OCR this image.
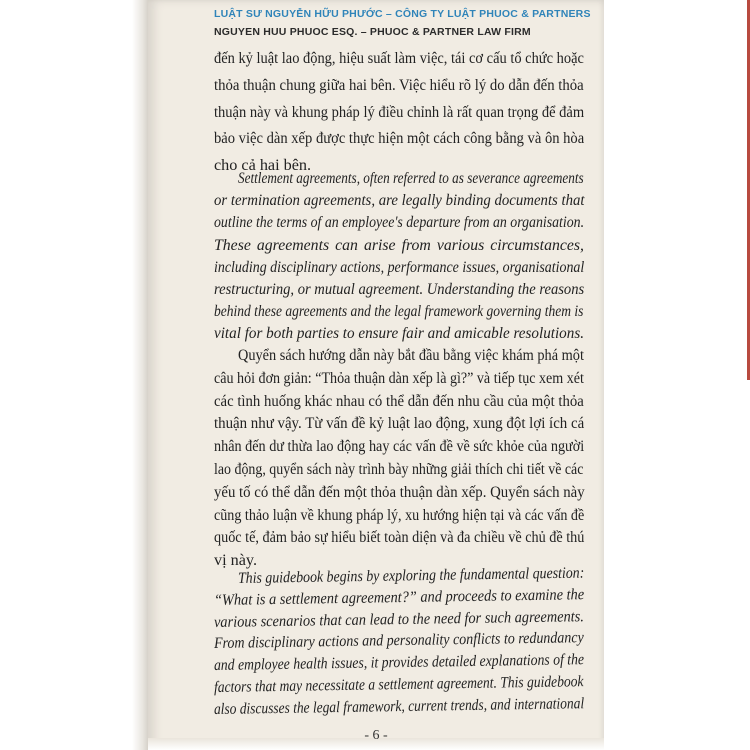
LUẬT SƯ NGUYỄN HỮU PHƯỚC – CÔNG TY LUẬT PHUOC & PARTNERS
NGUYEN HUU PHUOC ESQ. – PHUOC & PARTNER LAW FIRM
đến kỷ luật lao động, hiệu suất làm việc, tái cơ cấu tổ chức hoặc
thỏa thuận chung giữa hai bên. Việc hiểu rõ lý do dẫn đến thỏa
thuận này và khung pháp lý điều chỉnh là rất quan trọng để đảm
bảo việc dàn xếp được thực hiện một cách công bằng và ôn hòa
cho cả hai bên.
Settlement agreements, often referred to as severance agreements
or termination agreements, are legally binding documents that
outline the terms of an employee's departure from an organisation.
These agreements can arise from various circumstances,
including disciplinary actions, performance issues, organisational
restructuring, or mutual agreement. Understanding the reasons
behind these agreements and the legal framework governing them is
vital for both parties to ensure fair and amicable resolutions.
Quyển sách hướng dẫn này bắt đầu bằng việc khám phá một
câu hỏi đơn giản: “Thỏa thuận dàn xếp là gì?” và tiếp tục xem xét
các tình huống khác nhau có thể dẫn đến nhu cầu của một thỏa
thuận như vậy. Từ vấn đề kỷ luật lao động, xung đột lợi ích cá
nhân đến dư thừa lao động hay các vấn đề về sức khỏe của người
lao động, quyển sách này trình bày những giải thích chi tiết về các
yếu tố có thể dẫn đến một thỏa thuận dàn xếp. Quyển sách này
cũng thảo luận về khung pháp lý, xu hướng hiện tại và các vấn đề
quốc tế, đảm bảo sự hiểu biết toàn diện và đa chiều về chủ đề thú
vị này.
This guidebook begins by exploring the fundamental question:
“What is a settlement agreement?” and proceeds to examine the
various scenarios that can lead to the need for such agreements.
From disciplinary actions and personality conflicts to redundancy
and employee health issues, it provides detailed explanations of the
factors that may necessitate a settlement agreement. This guidebook
also discusses the legal framework, current trends, and international
- 6 -
